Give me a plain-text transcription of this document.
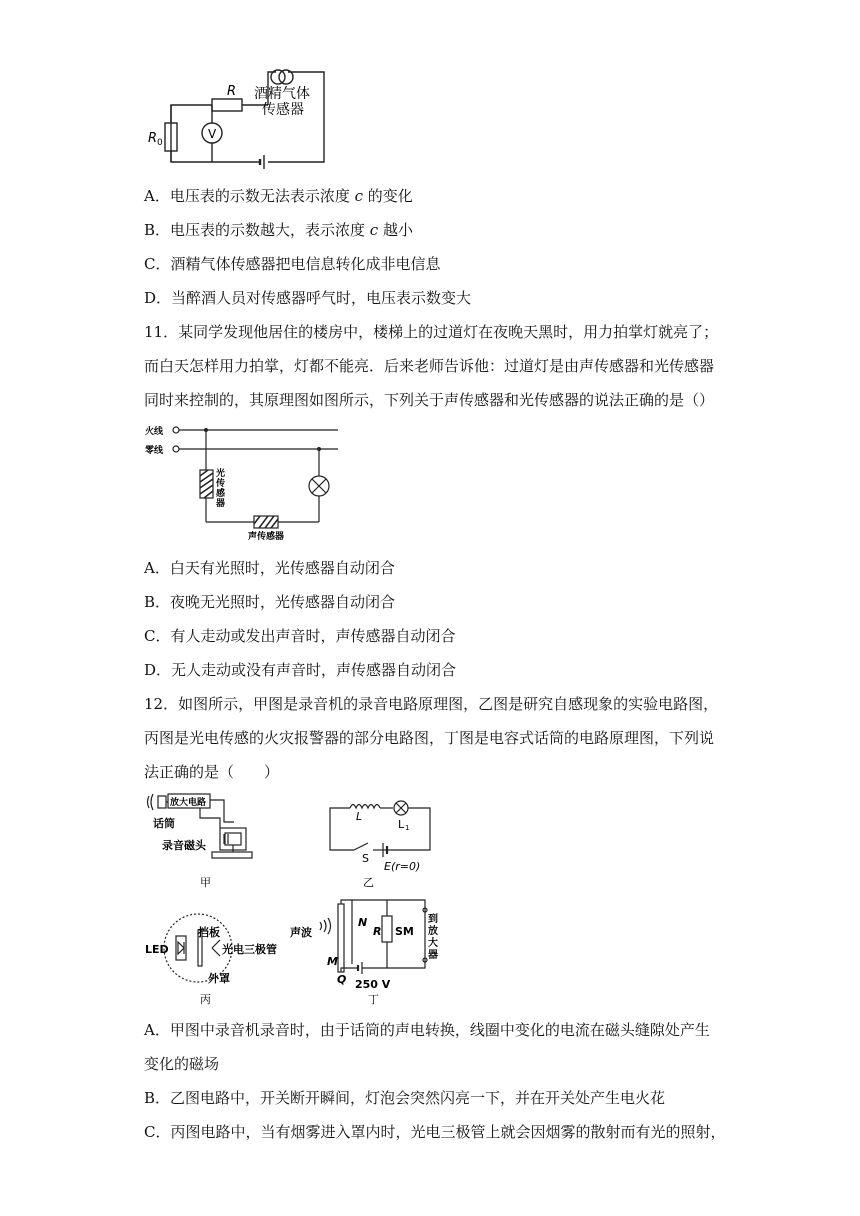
R
R 0
V
酒精气体
传感器
A．电压表的示数无法表示浓度 c 的变化
B．电压表的示数越大，表示浓度 c 越小
C．酒精气体传感器把电信息转化成非电信息
D．当醉酒人员对传感器呼气时，电压表示数变大
11．某同学发现他居住的楼房中，楼梯上的过道灯在夜晚天黑时，用力拍掌灯就亮了；
而白天怎样用力拍掌，灯都不能亮．后来老师告诉他：过道灯是由声传感器和光传感器
同时来控制的，其原理图如图所示，下列关于声传感器和光传感器的说法正确的是（）
火线
零线
光
传
感
器
声传感器
A．白天有光照时，光传感器自动闭合
B．夜晚无光照时，光传感器自动闭合
C．有人走动或发出声音时，声传感器自动闭合
D．无人走动或没有声音时，声传感器自动闭合
12．如图所示，甲图是录音机的录音电路原理图，乙图是研究自感现象的实验电路图，
丙图是光电传感的火灾报警器的部分电路图，丁图是电容式话筒的电路原理图，下列说
法正确的是（　　）
话筒
放大电路
录音磁头
甲
L
L 1
S
E(r=0)
乙
挡板
LED	光电三极管
外罩
丙
声波
N
M
Q
R SM
到
放
大
器
250 V
丁
A．甲图中录音机录音时，由于话筒的声电转换，线圈中变化的电流在磁头缝隙处产生
变化的磁场
B．乙图电路中，开关断开瞬间，灯泡会突然闪亮一下，并在开关处产生电火花
C．丙图电路中，当有烟雾进入罩内时，光电三极管上就会因烟雾的散射而有光的照射，
